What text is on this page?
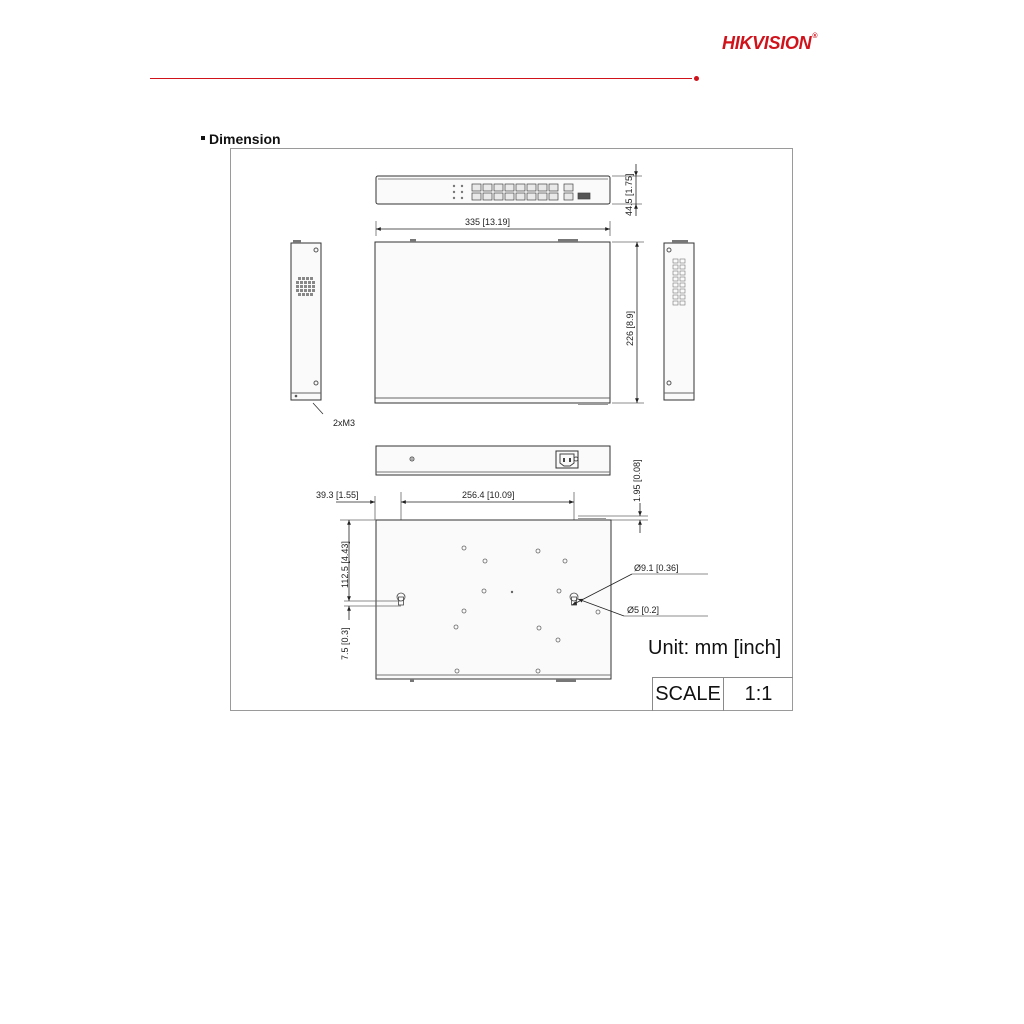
HIKVISION®
Dimension
44.5 [1.75]
335 [13.19]
226 [8.9]
2xM3
1.95 [0.08]
39.3 [1.55]	256.4 [10.09]
112.5 [4.43]
7.5 [0.3]
Ø9.1 [0.36]
Ø5 [0.2]
Unit: mm [inch]
SCALE	1:1
